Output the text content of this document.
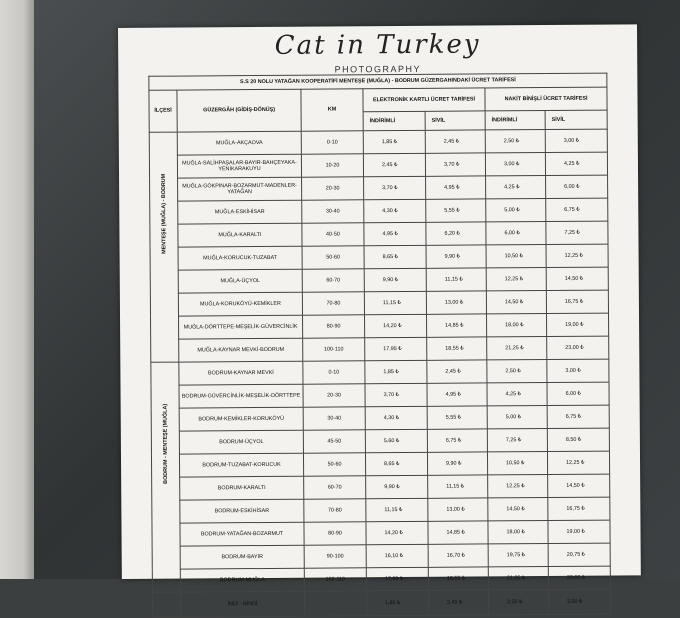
Cat in Turkey
PHOTOGRAPHY
S.S 20 NOLU YATAĞAN KOOPERATİFİ MENTEŞE (MUĞLA) - BODRUM GÜZERGAHINDAKİ ÜCRET TARİFESİ						
İLÇESİ	GÜZERGÂH (GİDİŞ-DÖNÜŞ)	KM	ELEKTRONİK KARTLI ÜCRET TARİFESİ		NAKİT BİNİŞLİ ÜCRET TARİFESİ	
			İNDİRİMLİ	SİVİL	İNDİRİMLİ	SİVİL

MENTEŞE (MUĞLA) - BODRUM	MUĞLA-AKÇAOVA	0-10	1,85 ₺	2,45 ₺	2,50 ₺	3,00 ₺
	MUĞLA-SALİHPAŞALAR-BAYIR-BAHÇEYAKA-YENİKARAKUYU	10-20	2,45 ₺	3,70 ₺	3,00 ₺	4,25 ₺
	MUĞLA-GÖKPINAR-BOZARMUT-MADENLER-YATAĞAN	20-30	3,70 ₺	4,95 ₺	4,25 ₺	6,00 ₺
	MUĞLA-ESKİHİSAR	30-40	4,30 ₺	5,55 ₺	5,00 ₺	6,75 ₺
	MUĞLA-KARALTI	40-50	4,95 ₺	6,20 ₺	6,00 ₺	7,25 ₺
	MUĞLA-KORUCUK-TUZABAT	50-60	8,65 ₺	9,90 ₺	10,50 ₺	12,25 ₺
	MUĞLA-ÜÇYOL	60-70	9,90 ₺	11,15 ₺	12,25 ₺	14,50 ₺
	MUĞLA-KORUKÖYÜ-KEMİKLER	70-80	11,15 ₺	13,00 ₺	14,50 ₺	16,75 ₺
	MUĞLA-DÖRTTEPE-MEŞELİK-GÜVERCİNLİK	80-90	14,20 ₺	14,85 ₺	18,00 ₺	19,00 ₺
	MUĞLA-KAYNAR MEVKİ-BODRUM	100-110	17,95 ₺	18,55 ₺	21,25 ₺	23,00 ₺

BODRUM - MENTEŞE (MUĞLA)	BODRUM-KAYNAR MEVKİ	0-10	1,85 ₺	2,45 ₺	2,50 ₺	3,00 ₺
	BODRUM-GÜVERCİNLİK-MEŞELİK-DÖRTTEPE	20-30	3,70 ₺	4,95 ₺	4,25 ₺	6,00 ₺
	BODRUM-KEMİKLER-KORUKÖYÜ	30-40	4,30 ₺	5,55 ₺	5,00 ₺	6,75 ₺
	BODRUM-ÜÇYOL	45-50	5,60 ₺	6,75 ₺	7,25 ₺	8,50 ₺
	BODRUM-TUZABAT-KORUCUK	50-60	8,65 ₺	9,90 ₺	10,50 ₺	12,25 ₺
	BODRUM-KARALTI	60-70	9,90 ₺	11,15 ₺	12,25 ₺	14,50 ₺
	BODRUM-ESKİHİSAR	70-80	11,15 ₺	13,00 ₺	14,50 ₺	16,75 ₺
	BODRUM-YATAĞAN-BOZARMUT	80-90	14,20 ₺	14,85 ₺	18,00 ₺	19,00 ₺
	BODRUM-BAYIR	90-100	16,10 ₺	16,70 ₺	19,75 ₺	20,75 ₺
	BODRUM-MUĞLA	100-110	17,95 ₺	18,55 ₺	21,25 ₺	23,00 ₺
	İNDİ - BİNDİ		1,85 ₺	2,45 ₺	2,50 ₺	3,00 ₺
